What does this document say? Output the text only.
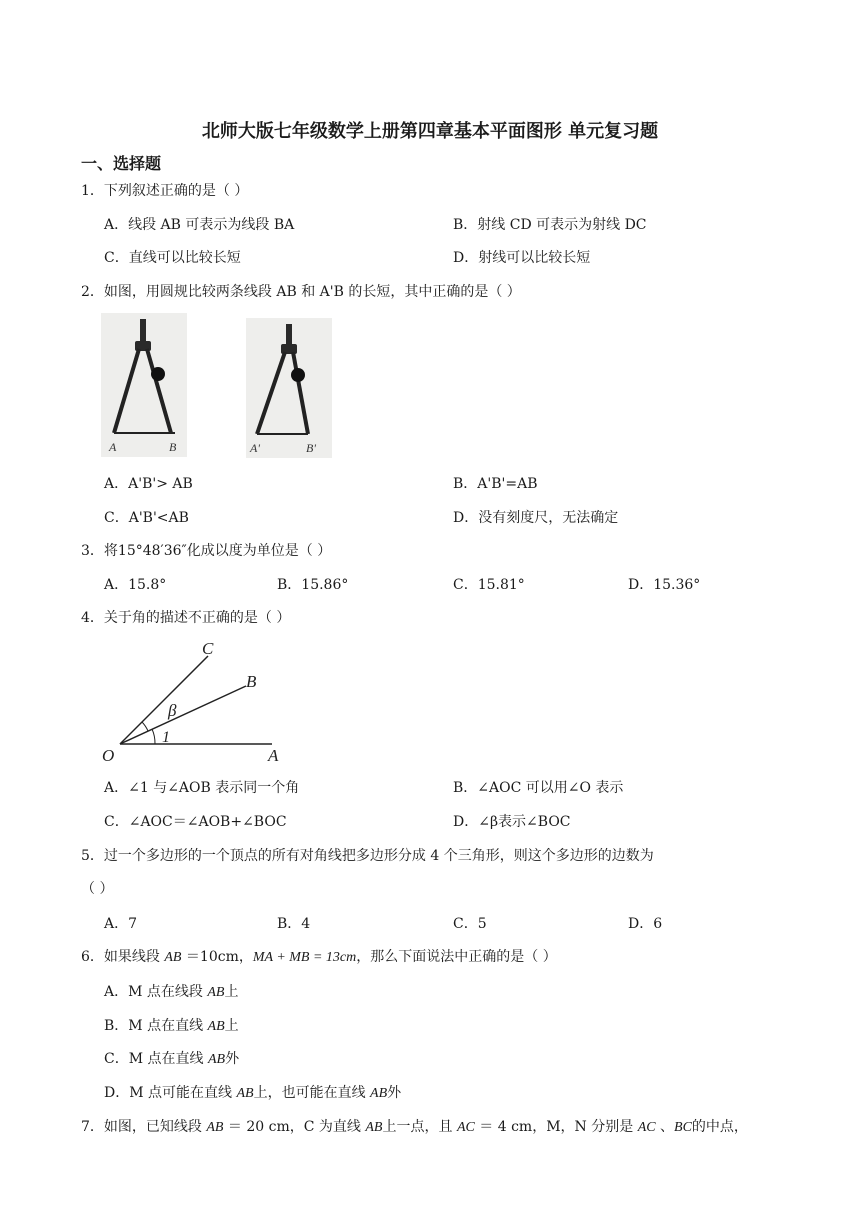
北师大版七年级数学上册第四章基本平面图形 单元复习题
一、选择题
1．下列叙述正确的是（ ）
A．线段 AB 可表示为线段 BA	B．射线 CD 可表示为射线 DC
C．直线可以比较长短	D．射线可以比较长短
2．如图，用圆规比较两条线段 AB 和 A'B 的长短，其中正确的是（ ）
A	B	A'	B'
A．A'B'> AB	B．A'B'=AB
C．A'B'<AB	D．没有刻度尺，无法确定
3．将15°48′36″化成以度为单位是（ ）
A．15.8°	B．15.86°	C．15.81°	D．15.36°
4．关于角的描述不正确的是（ ）
O	A
B
C
β
1
A．∠1 与∠AOB 表示同一个角	B．∠AOC 可以用∠O 表示
C．∠AOC＝∠AOB+∠BOC	D．∠β表示∠BOC
5．过一个多边形的一个顶点的所有对角线把多边形分成 4 个三角形，则这个多边形的边数为
（ ）
A．7	B．4	C．5	D．6
6．如果线段 AB ＝10cm，MA + MB = 13cm，那么下面说法中正确的是（ ）
A．M 点在线段 AB上
B．M 点在直线 AB上
C．M 点在直线 AB外
D．M 点可能在直线 AB上，也可能在直线 AB外
7．如图，已知线段 AB ＝ 20 cm，C 为直线 AB上一点，且 AC ＝ 4 cm，M，N 分别是 AC 、BC的中点，
